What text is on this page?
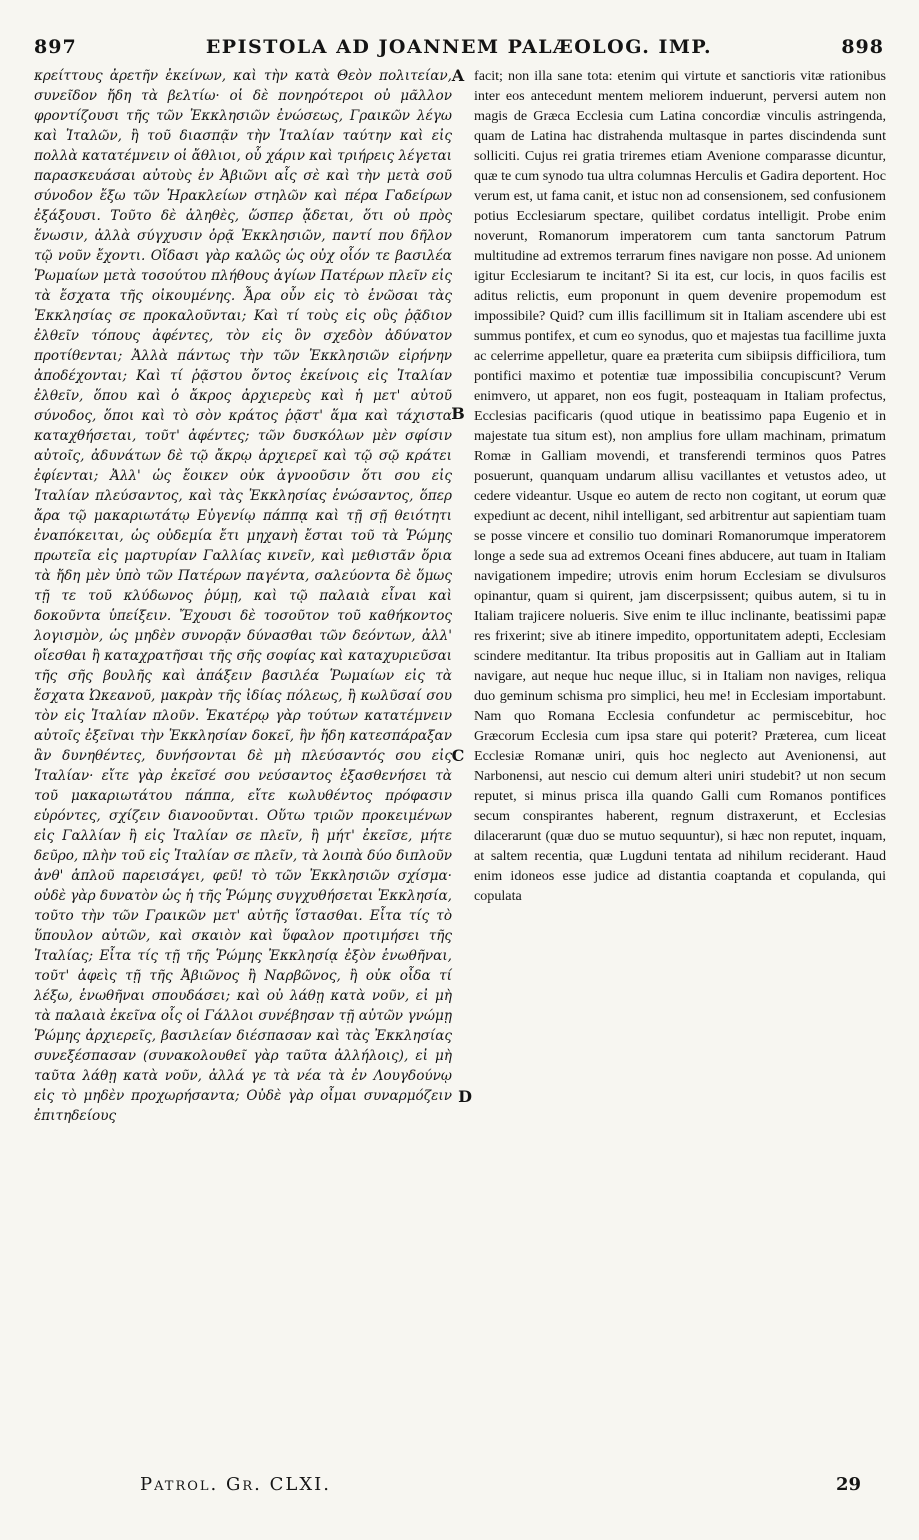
897	EPISTOLA AD JOANNEM PALÆOLOG. IMP.	898

κρείττους ἀρετῆν ἐκείνων, καὶ τὴν κατὰ Θεὸν πολιτείαν, συνεῖδον ἤδη τὰ βελτίω· οἱ δὲ πονηρότεροι οὐ μᾶλλον φροντίζουσι τῆς τῶν Ἐκκλησιῶν ἐνώσεως, Γραικῶν λέγω καὶ Ἰταλῶν, ἢ τοῦ διασπᾷν τὴν Ἰταλίαν ταύτην καὶ εἰς πολλὰ κατατέμνειν οἱ ἄθλιοι, οὗ χάριν καὶ τριήρεις λέγεται παρασκευάσαι αὐτοὺς ἐν Ἀβιῶνι αἷς σὲ καὶ τὴν μετὰ σοῦ σύνοδον ἔξω τῶν Ἡρακλείων στηλῶν καὶ πέρα Γαδείρων ἐξάξουσι. Τοῦτο δὲ ἀληθὲς, ὥσπερ ᾄδεται, ὅτι οὐ πρὸς ἕνωσιν, ἀλλὰ σύγχυσιν ὁρᾷ Ἐκκλησιῶν, παντί που δῆλον τῷ νοῦν ἔχοντι. Οἴδασι γὰρ καλῶς ὡς οὐχ οἷόν τε βασιλέα Ῥωμαίων μετὰ τοσούτου πλήθους ἁγίων Πατέρων πλεῖν εἰς τὰ ἔσχατα τῆς οἰκουμένης. Ἆρα οὖν εἰς τὸ ἑνῶσαι τὰς Ἐκκλησίας σε προκαλοῦνται; Καὶ τί τοὺς εἰς οὓς ῥᾷδιον ἐλθεῖν τόπους ἀφέντες, τὸν εἰς ὃν σχεδὸν ἀδύνατον προτίθενται; Ἀλλὰ πάντως τὴν τῶν Ἐκκλησιῶν εἰρήνην ἀποδέχονται; Καὶ τί ῥᾷστου ὄντος ἐκείνοις εἰς Ἰταλίαν ἐλθεῖν, ὅπου καὶ ὁ ἄκρος ἀρχιερεὺς καὶ ἡ μετ' αὐτοῦ σύνοδος, ὅποι καὶ τὸ σὸν κράτος ῥᾷστ' ἅμα καὶ τάχιστα καταχθήσεται, τοῦτ' ἀφέντες; τῶν δυσκόλων μὲν σφίσιν αὐτοῖς, ἀδυνάτων δὲ τῷ ἄκρῳ ἀρχιερεῖ καὶ τῷ σῷ κράτει ἐφίενται; Ἀλλ' ὡς ἔοικεν οὐκ ἀγνοοῦσιν ὅτι σου εἰς Ἰταλίαν πλεύσαντος, καὶ τὰς Ἐκκλησίας ἑνώσαντος, ὅπερ ἄρα τῷ μακαριωτάτῳ Εὐγενίῳ πάππᾳ καὶ τῇ σῇ θειότητι ἐναπόκειται, ὡς οὐδεμία ἔτι μηχανὴ ἔσται τοῦ τὰ Ῥώμης πρωτεῖα εἰς μαρτυρίαν Γαλλίας κινεῖν, καὶ μεθιστᾶν ὅρια τὰ ἤδη μὲν ὑπὸ τῶν Πατέρων παγέντα, σαλεύοντα δὲ ὅμως τῇ τε τοῦ κλύδωνος ῥύμῃ, καὶ τῷ παλαιὰ εἶναι καὶ δοκοῦντα ὑπείξειν. Ἔχουσι δὲ τοσοῦτον τοῦ καθήκοντος λογισμὸν, ὡς μηδὲν συνορᾷν δύνασθαι τῶν δεόντων, ἀλλ' οἴεσθαι ἢ καταχρατῆσαι τῆς σῆς σοφίας καὶ καταχυριεῦσαι τῆς σῆς βουλῆς καὶ ἀπάξειν βασιλέα Ῥωμαίων εἰς τὰ ἔσχατα Ὠκεανοῦ, μακρὰν τῆς ἰδίας πόλεως, ἢ κωλῦσαί σου τὸν εἰς Ἰταλίαν πλοῦν. Ἑκατέρῳ γὰρ τούτων κατατέμνειν αὐτοῖς ἐξεῖναι τὴν Ἐκκλησίαν δοκεῖ, ἣν ἤδη κατεσπάραξαν ἂν δυνηθέντες, δυνήσονται δὲ μὴ πλεύσαντός σου εἰς Ἰταλίαν· εἴτε γὰρ ἐκεῖσέ σου νεύσαντος ἐξασθενήσει τὰ τοῦ μακαριωτάτου πάππα, εἴτε κωλυθέντος πρόφασιν εὑρόντες, σχίζειν διανοοῦνται. Οὕτω τριῶν προκειμένων εἰς Γαλλίαν ἢ εἰς Ἰταλίαν σε πλεῖν, ἢ μήτ' ἐκεῖσε, μήτε δεῦρο, πλὴν τοῦ εἰς Ἰταλίαν σε πλεῖν, τὰ λοιπὰ δύο διπλοῦν ἀνθ' ἁπλοῦ παρεισάγει, φεῦ! τὸ τῶν Ἐκκλησιῶν σχίσμα· οὐδὲ γὰρ δυνατὸν ὡς ἡ τῆς Ῥώμης συγχυθήσεται Ἐκκλησία, τοῦτο τὴν τῶν Γραικῶν μετ' αὐτῆς ἵστασθαι. Εἶτα τίς τὸ ὕπουλον αὐτῶν, καὶ σκαιὸν καὶ ὕφαλον προτιμήσει τῆς Ἰταλίας; Εἶτα τίς τῇ τῆς Ῥώμης Ἐκκλησίᾳ ἐξὸν ἑνωθῆναι, τοῦτ' ἀφεὶς τῇ τῆς Ἀβιῶνος ἢ Ναρβῶνος, ἢ οὐκ οἶδα τί λέξω, ἑνωθῆναι σπουδάσει; καὶ οὐ λάθῃ κατὰ νοῦν, εἰ μὴ τὰ παλαιὰ ἐκεῖνα οἷς οἱ Γάλλοι συνέβησαν τῇ αὐτῶν γνώμῃ Ῥώμης ἀρχιερεῖς, βασιλείαν διέσπασαν καὶ τὰς Ἐκκλησίας συνεξέσπασαν (συνακολουθεῖ γὰρ ταῦτα ἀλλήλοις), εἰ μὴ ταῦτα λάθῃ κατὰ νοῦν, ἀλλά γε τὰ νέα τὰ ἐν Λουγδούνῳ εἰς τὸ μηδὲν προχωρήσαντα; Οὐδὲ γὰρ οἶμαι συναρμόζειν ἐπιτηδείους

A
B
C
D

facit; non illa sane tota: etenim qui virtute et sanctioris vitæ rationibus inter eos antecedunt mentem meliorem induerunt, perversi autem non magis de Græca Ecclesia cum Latina concordiæ vinculis astringenda, quam de Latina hac distrahenda multasque in partes discindenda sunt solliciti. Cujus rei gratia triremes etiam Avenione comparasse dicuntur, quæ te cum synodo tua ultra columnas Herculis et Gadira deportent. Hoc verum est, ut fama canit, et istuc non ad consensionem, sed confusionem potius Ecclesiarum spectare, quilibet cordatus intelligit. Probe enim noverunt, Romanorum imperatorem cum tanta sanctorum Patrum multitudine ad extremos terrarum fines navigare non posse. Ad unionem igitur Ecclesiarum te incitant? Si ita est, cur locis, in quos facilis est aditus relictis, eum proponunt in quem devenire propemodum est impossibile? Quid? cum illis facillimum sit in Italiam ascendere ubi est summus pontifex, et cum eo synodus, quo et majestas tua facillime juxta ac celerrime appelletur, quare ea præterita cum sibiipsis difficiliora, tum pontifici maximo et potentiæ tuæ impossibilia concupiscunt? Verum enimvero, ut apparet, non eos fugit, posteaquam in Italiam profectus, Ecclesias pacificaris (quod utique in beatissimo papa Eugenio et in majestate tua situm est), non amplius fore ullam machinam, primatum Romæ in Galliam movendi, et transferendi terminos quos Patres posuerunt, quanquam undarum allisu vacillantes et vetustos adeo, ut cedere videantur. Usque eo autem de recto non cogitant, ut eorum quæ expediunt ac decent, nihil intelligant, sed arbitrentur aut sapientiam tuam se posse vincere et consilio tuo dominari Romanorumque imperatorem longe a sede sua ad extremos Oceani fines abducere, aut tuam in Italiam navigationem impedire; utrovis enim horum Ecclesiam se divulsuros opinantur, quam si quirent, jam discerpsissent; quibus autem, si tu in Italiam trajicere nolueris. Sive enim te illuc inclinante, beatissimi papæ res frixerint; sive ab itinere impedito, opportunitatem adepti, Ecclesiam scindere meditantur. Ita tribus propositis aut in Galliam aut in Italiam navigare, aut neque huc neque illuc, si in Italiam non naviges, reliqua duo geminum schisma pro simplici, heu me! in Ecclesiam importabunt. Nam quo Romana Ecclesia confundetur ac permiscebitur, hoc Græcorum Ecclesia cum ipsa stare qui poterit? Præterea, cum liceat Ecclesiæ Romanæ uniri, quis hoc neglecto aut Avenionensi, aut Narbonensi, aut nescio cui demum alteri uniri studebit? ut non secum reputet, si minus prisca illa quando Galli cum Romanos pontifices secum conspirantes haberent, regnum distraxerunt, et Ecclesias dilacerarunt (quæ duo se mutuo sequuntur), si hæc non reputet, inquam, at saltem recentia, quæ Lugduni tentata ad nihilum reciderant. Haud enim idoneos esse judice ad distantia coaptanda et copulanda, qui copulata

Patrol. Gr. CLXI.	29
